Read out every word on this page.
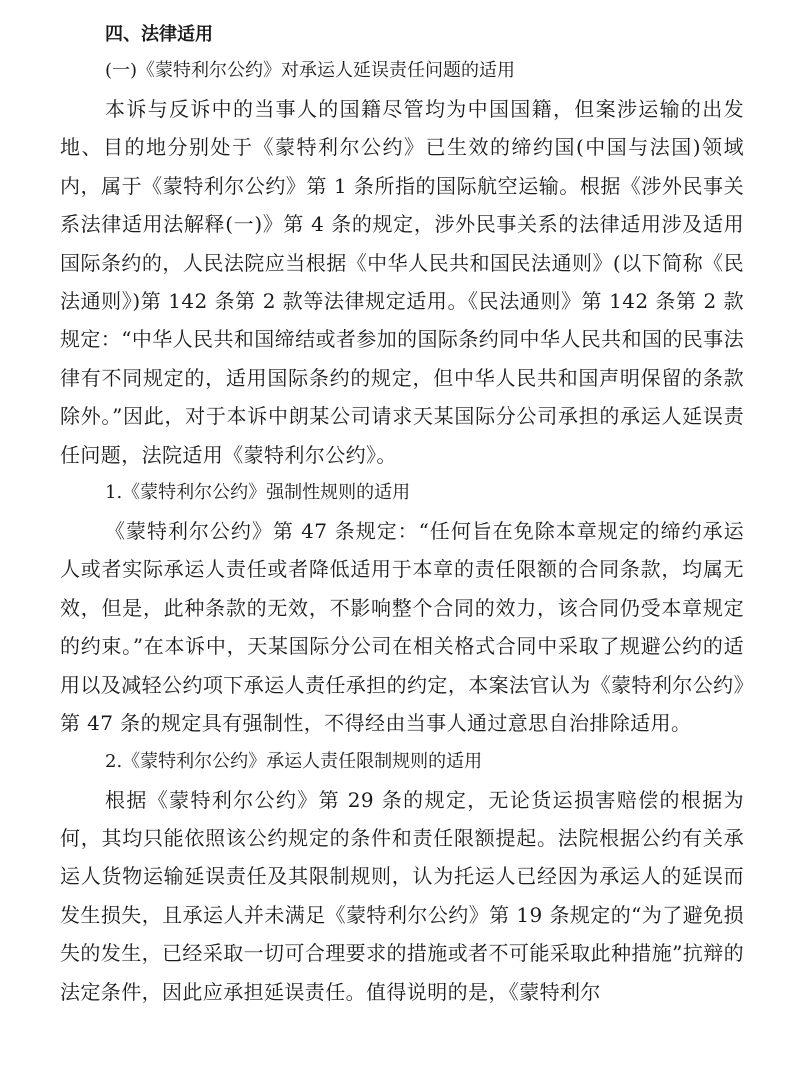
四、法律适用
(一)《蒙特利尔公约》对承运人延误责任问题的适用

本诉与反诉中的当事人的国籍尽管均为中国国籍，但案涉运输的出发地、目的地分别处于《蒙特利尔公约》已生效的缔约国(中国与法国)领域内，属于《蒙特利尔公约》第 1 条所指的国际航空运输。根据《涉外民事关系法律适用法解释(一)》第 4 条的规定，涉外民事关系的法律适用涉及适用国际条约的，人民法院应当根据《中华人民共和国民法通则》(以下简称《民法通则》)第 142 条第 2 款等法律规定适用。《民法通则》第 142 条第 2 款规定：“中华人民共和国缔结或者参加的国际条约同中华人民共和国的民事法律有不同规定的，适用国际条约的规定，但中华人民共和国声明保留的条款除外。”因此，对于本诉中朗某公司请求天某国际分公司承担的承运人延误责任问题，法院适用《蒙特利尔公约》。

1.《蒙特利尔公约》强制性规则的适用

《蒙特利尔公约》第 47 条规定：“任何旨在免除本章规定的缔约承运人或者实际承运人责任或者降低适用于本章的责任限额的合同条款，均属无效，但是，此种条款的无效，不影响整个合同的效力，该合同仍受本章规定的约束。”在本诉中，天某国际分公司在相关格式合同中采取了规避公约的适用以及减轻公约项下承运人责任承担的约定，本案法官认为《蒙特利尔公约》第 47 条的规定具有强制性，不得经由当事人通过意思自治排除适用。

2.《蒙特利尔公约》承运人责任限制规则的适用

根据《蒙特利尔公约》第 29 条的规定，无论货运损害赔偿的根据为何，其均只能依照该公约规定的条件和责任限额提起。法院根据公约有关承运人货物运输延误责任及其限制规则，认为托运人已经因为承运人的延误而发生损失，且承运人并未满足《蒙特利尔公约》第 19 条规定的“为了避免损失的发生，已经采取一切可合理要求的措施或者不可能采取此种措施”抗辩的法定条件，因此应承担延误责任。值得说明的是，《蒙特利尔
